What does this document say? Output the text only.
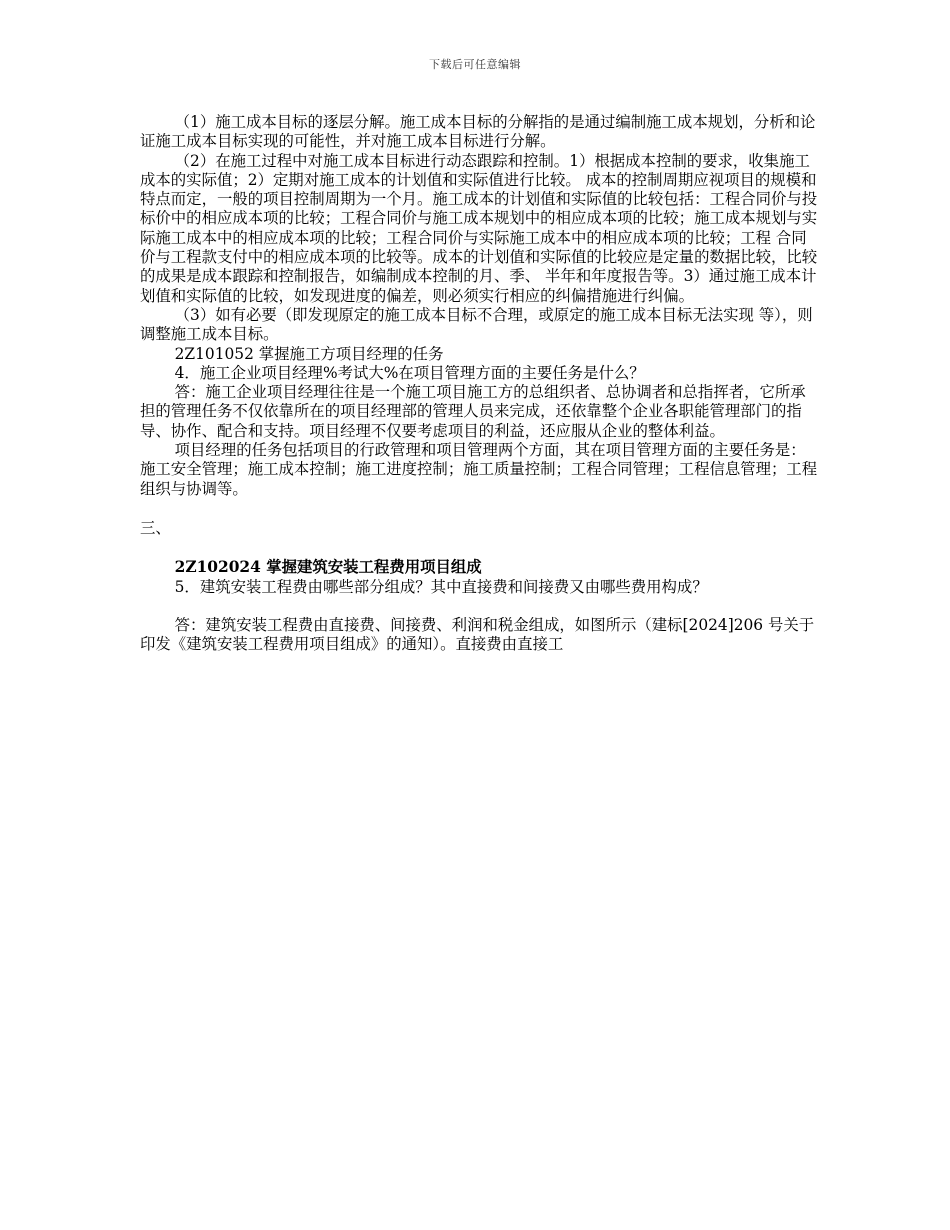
下载后可任意编辑

（1）施工成本目标的逐层分解。施工成本目标的分解指的是通过编制施工成本规划，分析和论证施工成本目标实现的可能性，并对施工成本目标进行分解。

（2）在施工过程中对施工成本目标进行动态跟踪和控制。1）根据成本控制的要求，收集施工成本的实际值；2）定期对施工成本的计划值和实际值进行比较。 成本的控制周期应视项目的规模和特点而定，一般的项目控制周期为一个月。施工成本的计划值和实际值的比较包括：工程合同价与投标价中的相应成本项的比较；工程合同价与施工成本规划中的相应成本项的比较；施工成本规划与实际施工成本中的相应成本项的比较；工程合同价与实际施工成本中的相应成本项的比较；工程 合同价与工程款支付中的相应成本项的比较等。成本的计划值和实际值的比较应是定量的数据比较，比较的成果是成本跟踪和控制报告，如编制成本控制的月、季、 半年和年度报告等。3）通过施工成本计划值和实际值的比较，如发现进度的偏差，则必须实行相应的纠偏措施进行纠偏。

（3）如有必要（即发现原定的施工成本目标不合理，或原定的施工成本目标无法实现 等），则调整施工成本目标。

2Z101052 掌握施工方项目经理的任务

4．施工企业项目经理%考试大%在项目管理方面的主要任务是什么？

答：施工企业项目经理往往是一个施工项目施工方的总组织者、总协调者和总指挥者，它所承担的管理任务不仅依靠所在的项目经理部的管理人员来完成，还依靠整个企业各职能管理部门的指导、协作、配合和支持。项目经理不仅要考虑项目的利益，还应服从企业的整体利益。

项目经理的任务包括项目的行政管理和项目管理两个方面，其在项目管理方面的主要任务是：施工安全管理；施工成本控制；施工进度控制；施工质量控制；工程合同管理；工程信息管理；工程组织与协调等。

三、

2Z102024 掌握建筑安装工程费用项目组成

5．建筑安装工程费由哪些部分组成？其中直接费和间接费又由哪些费用构成？

答：建筑安装工程费由直接费、间接费、利润和税金组成，如图所示（建标[2024]206 号关于印发《建筑安装工程费用项目组成》的通知）。直接费由直接工
